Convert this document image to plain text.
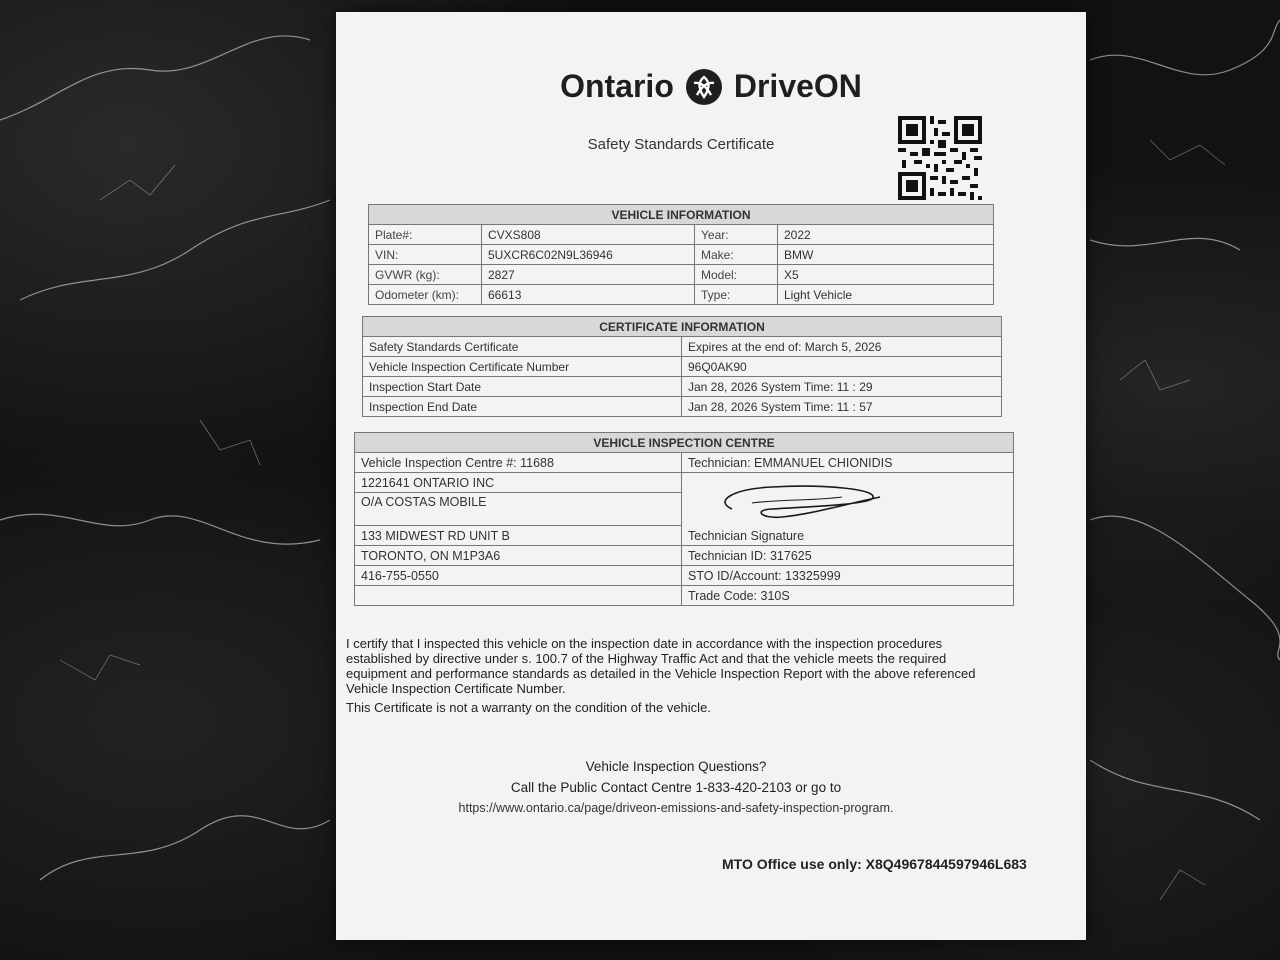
Ontario DriveON
Safety Standards Certificate
VEHICLE INFORMATION			
Plate#:	CVXS808	Year:	2022
VIN:	5UXCR6C02N9L36946	Make:	BMW
GVWR (kg):	2827	Model:	X5
Odometer (km):	66613	Type:	Light Vehicle
CERTIFICATE INFORMATION	
Safety Standards Certificate	Expires at the end of: March 5, 2026
Vehicle Inspection Certificate Number	96Q0AK90
Inspection Start Date	Jan 28, 2026 System Time: 11 : 29
Inspection End Date	Jan 28, 2026 System Time: 11 : 57
VEHICLE INSPECTION CENTRE	
Vehicle Inspection Centre #: 11688	Technician: EMMANUEL CHIONIDIS
1221641 ONTARIO INC	Technician Signature
O/A COSTAS MOBILE	
133 MIDWEST RD UNIT B	
TORONTO, ON M1P3A6	Technician ID: 317625
416-755-0550	STO ID/Account: 13325999
	Trade Code: 310S

I certify that I inspected this vehicle on the inspection date in accordance with the inspection procedures established by directive under s. 100.7 of the Highway Traffic Act and that the vehicle meets the required equipment and performance standards as detailed in the Vehicle Inspection Report with the above referenced Vehicle Inspection Certificate Number.

This Certificate is not a warranty on the condition of the vehicle.

Vehicle Inspection Questions?
Call the Public Contact Centre 1-833-420-2103 or go to
https://www.ontario.ca/page/driveon-emissions-and-safety-inspection-program.
MTO Office use only: X8Q4967844597946L683
